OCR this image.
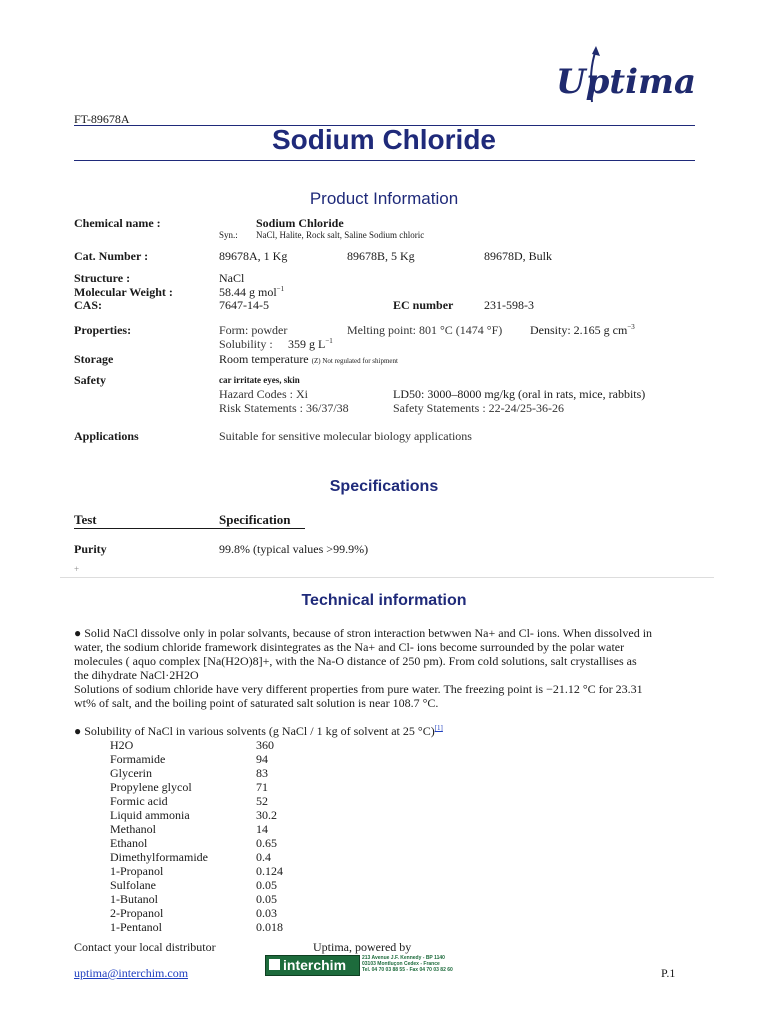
Uptima
FT-89678A
Sodium Chloride
Product Information
Chemical name :	Sodium Chloride
Syn.: NaCl, Halite, Rock salt, Saline Sodium chloric
Cat. Number :	89678A, 1 Kg	89678B, 5 Kg	89678D, Bulk
Structure :	NaCl
Molecular Weight :	58.44 g mol$^{-1}$
CAS:	7647-14-5	EC number	231-598-3
Properties:	Form: powder	Melting point: 801 °C (1474 °F) Density: 2.165 g $cm^{-3}$
Solubility : 359 g $L^{-1}$
Storage	Room temperature (Z) Not regulated for shipment
Safety	car irritate eyes, skin
Hazard Codes : Xi	LD50: 3000–8000 mg/kg (oral in rats, mice, rabbits)
Risk Statements : 36/37/38	Safety Statements : 22-24/25-36-26
Applications	Suitable for sensitive molecular biology applications
Specifications
Test	Specification
Purity	99.8% (typical values >99.9%)
+
Technical information
● Solid NaCl dissolve only in polar solvants, because of stron interaction betwwen Na+ and Cl- ions. When dissolved in
water, the sodium chloride framework disintegrates as the Na+ and Cl- ions become surrounded by the polar water
molecules ( aquo complex [Na(H2O)8]+, with the Na-O distance of 250 pm). From cold solutions, salt crystallises as
the dihydrate NaCl·2H2O
Solutions of sodium chloride have very different properties from pure water. The freezing point is −21.12 °C for 23.31
wt% of salt, and the boiling point of saturated salt solution is near 108.7 °C.
● Solubility of NaCl in various solvents (g NaCl / 1 kg of solvent at 25 °C)[1]
H2O	360
Formamide	94
Glycerin	83
Propylene glycol	71
Formic acid	52
Liquid ammonia	30.2
Methanol	14
Ethanol	0.65
Dimethylformamide	0.4
1-Propanol	0.124
Sulfolane	0.05
1-Butanol	0.05
2-Propanol	0.03
1-Pentanol	0.018
Contact your local distributor	Uptima, powered by
interchim	213 Avenue J.F. Kennedy - BP 1140
03103 Montluçon Cedex - France
Tel. 04 70 03 88 55 - Fax 04 70 03 82 60
uptima@interchim.com	P.1
